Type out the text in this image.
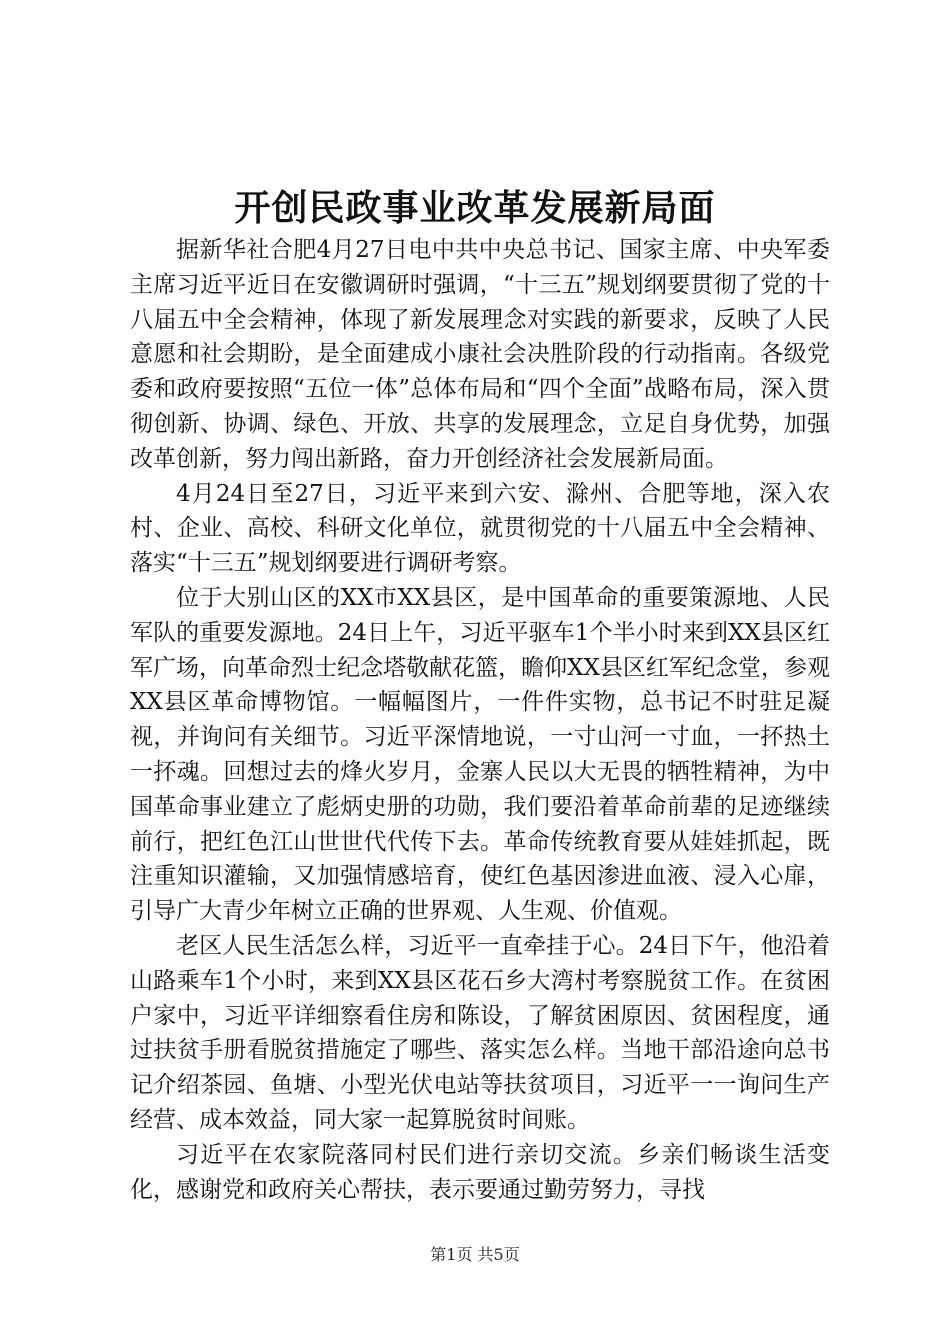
开创民政事业改革发展新局面

据新华社合肥4月27日电中共中央总书记、国家主席、中央军委主席习近平近日在安徽调研时强调，“十三五”规划纲要贯彻了党的十八届五中全会精神，体现了新发展理念对实践的新要求，反映了人民意愿和社会期盼，是全面建成小康社会决胜阶段的行动指南。各级党委和政府要按照“五位一体”总体布局和“四个全面”战略布局，深入贯彻创新、协调、绿色、开放、共享的发展理念，立足自身优势，加强改革创新，努力闯出新路，奋力开创经济社会发展新局面。

4月24日至27日，习近平来到六安、滁州、合肥等地，深入农村、企业、高校、科研文化单位，就贯彻党的十八届五中全会精神、落实“十三五”规划纲要进行调研考察。

位于大别山区的XX市XX县区，是中国革命的重要策源地、人民军队的重要发源地。24日上午，习近平驱车1个半小时来到XX县区红军广场，向革命烈士纪念塔敬献花篮，瞻仰XX县区红军纪念堂，参观XX县区革命博物馆。一幅幅图片，一件件实物，总书记不时驻足凝视，并询问有关细节。习近平深情地说，一寸山河一寸血，一抔热土一抔魂。回想过去的烽火岁月，金寨人民以大无畏的牺牲精神，为中国革命事业建立了彪炳史册的功勋，我们要沿着革命前辈的足迹继续前行，把红色江山世世代代传下去。革命传统教育要从娃娃抓起，既注重知识灌输，又加强情感培育，使红色基因渗进血液、浸入心扉，引导广大青少年树立正确的世界观、人生观、价值观。

老区人民生活怎么样，习近平一直牵挂于心。24日下午，他沿着山路乘车1个小时，来到XX县区花石乡大湾村考察脱贫工作。在贫困户家中，习近平详细察看住房和陈设，了解贫困原因、贫困程度，通过扶贫手册看脱贫措施定了哪些、落实怎么样。当地干部沿途向总书记介绍茶园、鱼塘、小型光伏电站等扶贫项目，习近平一一询问生产经营、成本效益，同大家一起算脱贫时间账。

习近平在农家院落同村民们进行亲切交流。乡亲们畅谈生活变化，感谢党和政府关心帮扶，表示要通过勤劳努力，寻找

第1页 共5页
